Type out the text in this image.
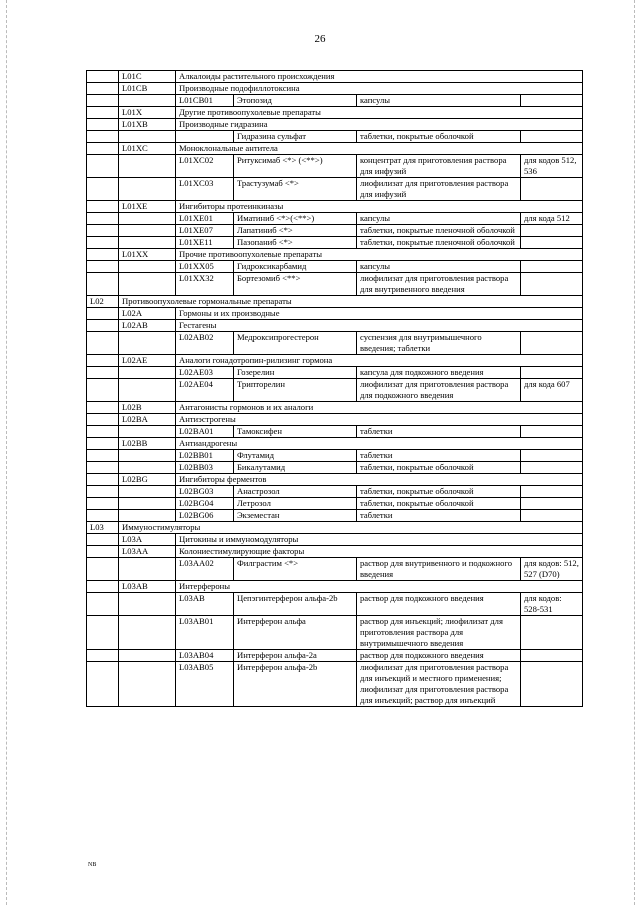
26
	L01C	Алкалоиды растительного происхождения			
	L01CB	Производные подофиллотоксина			
		L01CB01	Этопозид	капсулы	
	L01X	Другие противоопухолевые препараты			
	L01XB	Производные гидразина			
			Гидразина сульфат	таблетки, покрытые оболочкой	
	L01XC	Моноклональные антитела			
		L01XC02	Ритуксимаб <*> (<**>)	концентрат для приготовления раствора для инфузий	для кодов 512, 536
		L01XC03	Трастузумаб <*>	лиофилизат для приготовления раствора для инфузий	
	L01XE	Ингибиторы протеинкиназы			
		L01XE01	Иматиниб <*>(<**>)	капсулы	для кода 512
		L01XE07	Лапатиниб <*>	таблетки, покрытые пленочной оболочкой	
		L01XE11	Пазопаниб <*>	таблетки, покрытые пленочной оболочкой	
	L01XX	Прочие противоопухолевые препараты			
		L01XX05	Гидроксикарбамид	капсулы	
		L01XX32	Бортезомиб <**>	лиофилизат для приготовления раствора для внутривенного введения	
L02	Противоопухолевые гормональные препараты				
	L02A	Гормоны и их производные			
	L02AB	Гестагены			
		L02AB02	Медроксипрогестерон	суспензия для внутримышечного введения; таблетки	
	L02AE	Аналоги гонадотропин-рилизинг гормона			
		L02AE03	Гозерелин	капсула для подкожного введения	
		L02AE04	Трипторелин	лиофилизат для приготовления раствора для подкожного введения	для кода 607
	L02B	Антагонисты гормонов и их аналоги			
	L02BA	Антиэстрогены			
		L02BA01	Тамоксифен	таблетки	
	L02BB	Антиандрогены			
		L02BB01	Флутамид	таблетки	
		L02BB03	Бикалутамид	таблетки, покрытые оболочкой	
	L02BG	Ингибиторы ферментов			
		L02BG03	Анастрозол	таблетки, покрытые оболочкой	
		L02BG04	Летрозол	таблетки, покрытые оболочкой	
		L02BG06	Экземестан	таблетки	
L03	Иммуностимуляторы				
	L03A	Цитокины и иммуномодуляторы			
	L03AA	Колониестимулирующие факторы			
		L03AA02	Филграстим <*>	раствор для внутривенного и подкожного введения	для кодов: 512, 527 (D70)
	L03AB	Интерфероны			
		L03AB	Цепэгинтерферон альфа-2b	раствор для подкожного введения	для кодов: 528-531
		L03AB01	Интерферон альфа	раствор для инъекций; лиофилизат для приготовления раствора для внутримышечного введения	
		L03AB04	Интерферон альфа-2а	раствор для подкожного введения	
		L03AB05	Интерферон альфа-2b	лиофилизат для приготовления раствора для инъекций и местного применения; лиофилизат для приготовления раствора для инъекций; раствор для инъекций	
NB
